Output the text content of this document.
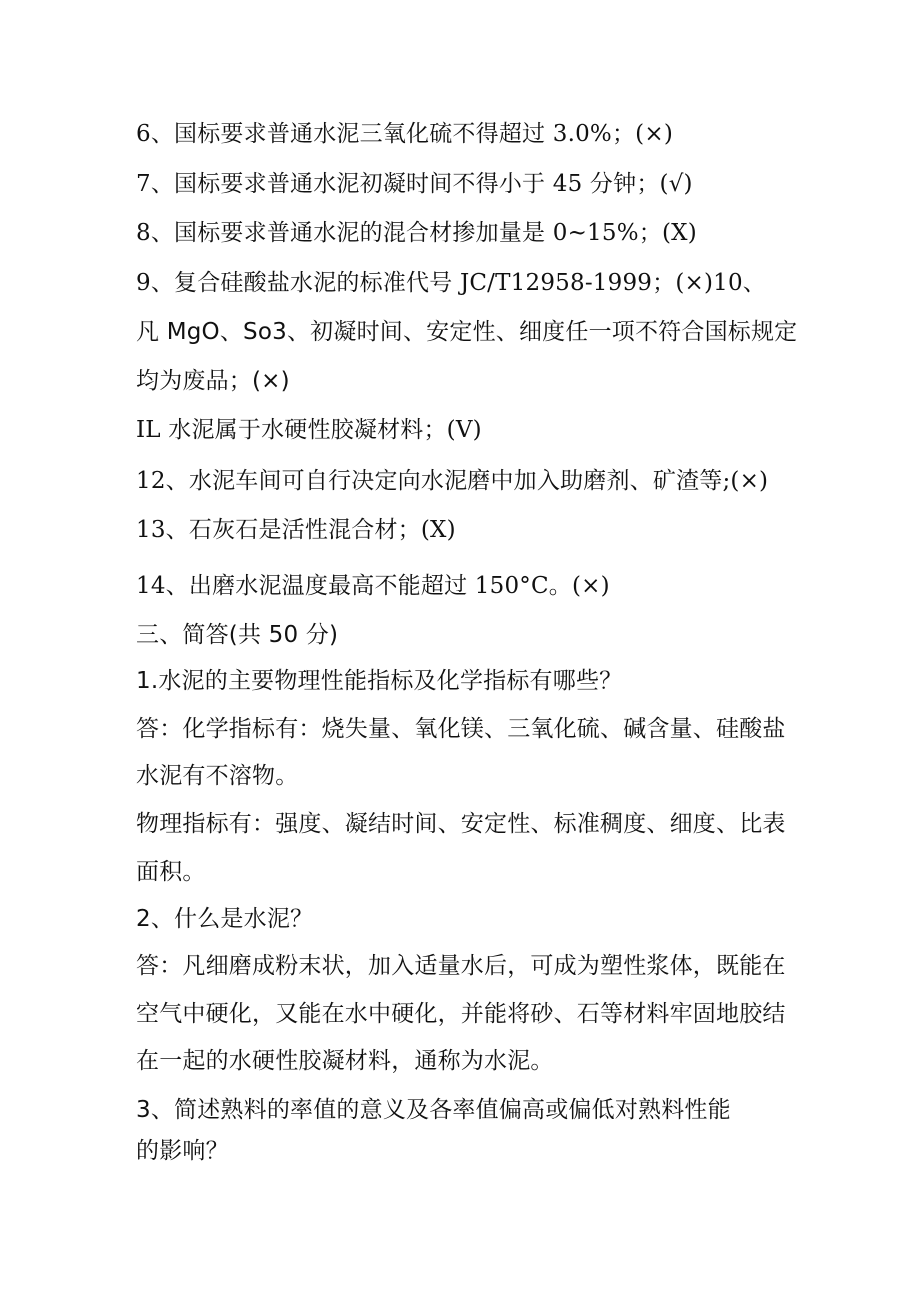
6、国标要求普通水泥三氧化硫不得超过 3.0%；(×)
7、国标要求普通水泥初凝时间不得小于 45 分钟；(√)
8、国标要求普通水泥的混合材掺加量是 0~15%；(X)
9、复合硅酸盐水泥的标准代号 JC/T12958-1999；(×)10、
凡 MgO、So3、初凝时间、安定性、细度任一项不符合国标规定
均为废品；(×)
IL 水泥属于水硬性胶凝材料；(V)
12、水泥车间可自行决定向水泥磨中加入助磨剂、矿渣等;(×)
13、石灰石是活性混合材；(X)
14、出磨水泥温度最高不能超过 150°C。(×)
三、简答(共 50 分)
1.水泥的主要物理性能指标及化学指标有哪些？
答：化学指标有：烧失量、氧化镁、三氧化硫、碱含量、硅酸盐
水泥有不溶物。
物理指标有：强度、凝结时间、安定性、标准稠度、细度、比表
面积。
2、什么是水泥？
答：凡细磨成粉末状，加入适量水后，可成为塑性浆体，既能在
空气中硬化，又能在水中硬化，并能将砂、石等材料牢固地胶结
在一起的水硬性胶凝材料，通称为水泥。
3、简述熟料的率值的意义及各率值偏高或偏低对熟料性能
的影响？
